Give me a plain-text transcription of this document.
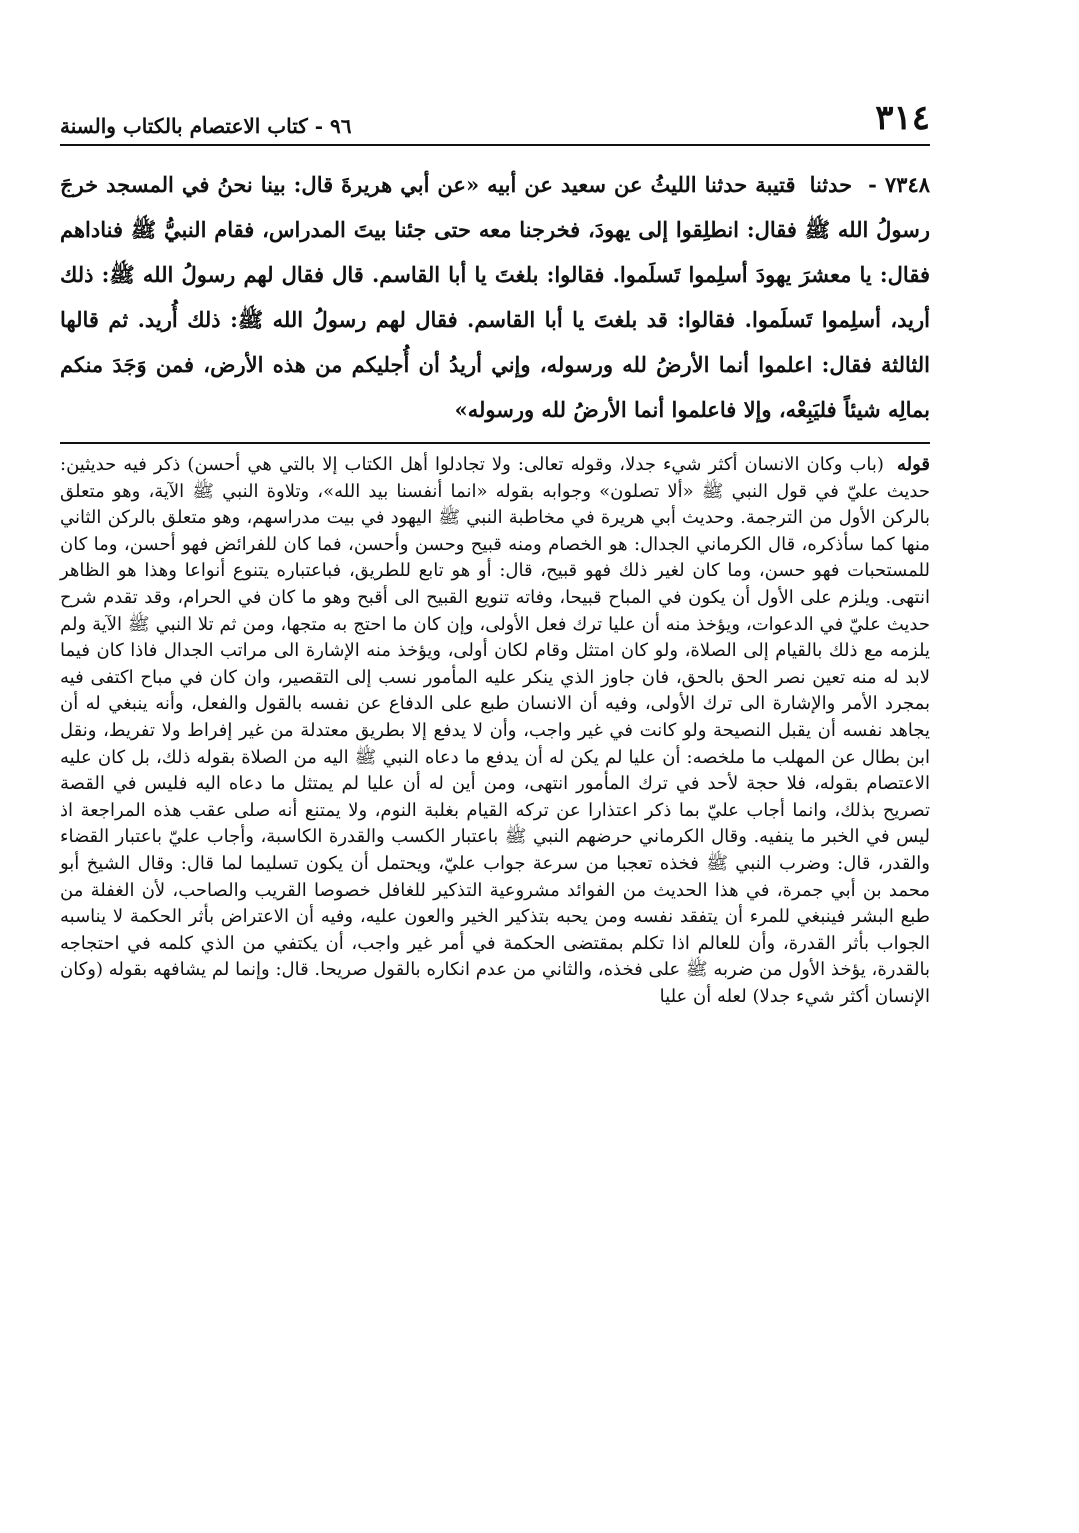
٣١٤
٩٦ - كتاب الاعتصام بالكتاب والسنة
٧٣٤٨ - حدثنا قتيبة حدثنا الليثُ عن سعيد عن أبيه «عن أبي هريرةَ قال: بينا نحنُ في المسجد خرجَ رسولُ الله ﷺ فقال: انطلِقوا إلى يهودَ، فخرجنا معه حتى جئنا بيتَ المدراس، فقام النبيُّ ﷺ فناداهم فقال: يا معشرَ يهودَ أسلِموا تَسلَموا. فقالوا: بلغتَ يا أبا القاسم. قال فقال لهم رسولُ الله ﷺ: ذلك أريد، أسلِموا تَسلَموا. فقالوا: قد بلغتَ يا أبا القاسم. فقال لهم رسولُ الله ﷺ: ذلك أُريد. ثم قالها الثالثة فقال: اعلموا أنما الأرضُ لله ورسوله، وإني أريدُ أن أُجليكم من هذه الأرض، فمن وَجَدَ منكم بمالِه شيئاً فليَبِعْه، وإلا فاعلموا أنما الأرضُ لله ورسوله»

قوله (باب وكان الانسان أكثر شيء جدلا، وقوله تعالى: ولا تجادلوا أهل الكتاب إلا بالتي هي أحسن) ذكر فيه حديثين: حديث عليّ في قول النبي ﷺ «ألا تصلون» وجوابه بقوله «انما أنفسنا بيد الله»، وتلاوة النبي ﷺ الآية، وهو متعلق بالركن الأول من الترجمة. وحديث أبي هريرة في مخاطبة النبي ﷺ اليهود في بيت مدراسهم، وهو متعلق بالركن الثاني منها كما سأذكره، قال الكرماني الجدال: هو الخصام ومنه قبيح وحسن وأحسن، فما كان للفرائض فهو أحسن، وما كان للمستحبات فهو حسن، وما كان لغير ذلك فهو قبيح، قال: أو هو تابع للطريق، فباعتباره يتنوع أنواعا وهذا هو الظاهر انتهى. ويلزم على الأول أن يكون في المباح قبيحا، وفاته تنويع القبيح الى أقبح وهو ما كان في الحرام، وقد تقدم شرح حديث عليّ في الدعوات، ويؤخذ منه أن عليا ترك فعل الأولى، وإن كان ما احتج به متجها، ومن ثم تلا النبي ﷺ الآية ولم يلزمه مع ذلك بالقيام إلى الصلاة، ولو كان امتثل وقام لكان أولى، ويؤخذ منه الإشارة الى مراتب الجدال فاذا كان فيما لابد له منه تعين نصر الحق بالحق، فان جاوز الذي ينكر عليه المأمور نسب إلى التقصير، وان كان في مباح اكتفى فيه بمجرد الأمر والإشارة الى ترك الأولى، وفيه أن الانسان طبع على الدفاع عن نفسه بالقول والفعل، وأنه ينبغي له أن يجاهد نفسه أن يقبل النصيحة ولو كانت في غير واجب، وأن لا يدفع إلا بطريق معتدلة من غير إفراط ولا تفريط، ونقل ابن بطال عن المهلب ما ملخصه: أن عليا لم يكن له أن يدفع ما دعاه النبي ﷺ اليه من الصلاة بقوله ذلك، بل كان عليه الاعتصام بقوله، فلا حجة لأحد في ترك المأمور انتهى، ومن أين له أن عليا لم يمتثل ما دعاه اليه فليس في القصة تصريح بذلك، وانما أجاب عليّ بما ذكر اعتذارا عن تركه القيام بغلبة النوم، ولا يمتنع أنه صلى عقب هذه المراجعة اذ ليس في الخبر ما ينفيه. وقال الكرماني حرضهم النبي ﷺ باعتبار الكسب والقدرة الكاسبة، وأجاب عليّ باعتبار القضاء والقدر، قال: وضرب النبي ﷺ فخذه تعجبا من سرعة جواب عليّ، ويحتمل أن يكون تسليما لما قال: وقال الشيخ أبو محمد بن أبي جمرة، في هذا الحديث من الفوائد مشروعية التذكير للغافل خصوصا القريب والصاحب، لأن الغفلة من طبع البشر فينبغي للمرء أن يتفقد نفسه ومن يحبه بتذكير الخير والعون عليه، وفيه أن الاعتراض بأثر الحكمة لا يناسبه الجواب بأثر القدرة، وأن للعالم اذا تكلم بمقتضى الحكمة في أمر غير واجب، أن يكتفي من الذي كلمه في احتجاجه بالقدرة، يؤخذ الأول من ضربه ﷺ على فخذه، والثاني من عدم انكاره بالقول صريحا. قال: وإنما لم يشافهه بقوله (وكان الإنسان أكثر شيء جدلا) لعله أن عليا
